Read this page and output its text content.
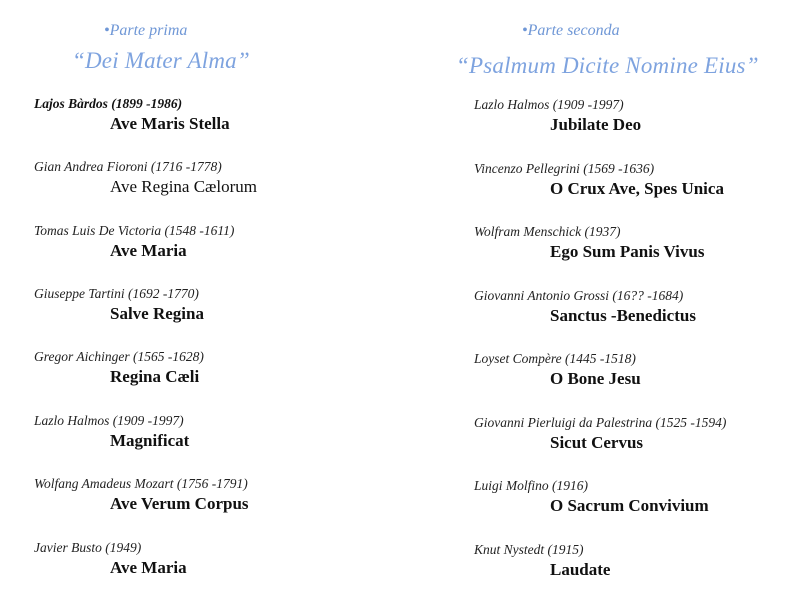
•Parte prima
“Dei Mater Alma”
Lajos Bàrdos (1899 -1986)
Ave Maris Stella
Gian Andrea Fioroni (1716 -1778)
Ave Regina Cælorum
Tomas Luis De Victoria (1548 -1611)
Ave Maria
Giuseppe Tartini (1692 -1770)
Salve Regina
Gregor Aichinger (1565 -1628)
Regina Cæli
Lazlo Halmos (1909 -1997)
Magnificat
Wolfang Amadeus Mozart (1756 -1791)
Ave Verum Corpus
Javier Busto (1949)
Ave Maria
•Parte seconda
“Psalmum Dicite Nomine Eius”
Lazlo Halmos (1909 -1997)
Jubilate Deo
Vincenzo Pellegrini (1569 -1636)
O Crux Ave, Spes Unica
Wolfram Menschick (1937)
Ego Sum Panis Vivus
Giovanni Antonio Grossi (16?? -1684)
Sanctus -Benedictus
Loyset Compère (1445 -1518)
O Bone Jesu
Giovanni Pierluigi da Palestrina (1525 -1594)
Sicut Cervus
Luigi Molfino (1916)
O Sacrum Convivium
Knut Nystedt (1915)
Laudate
